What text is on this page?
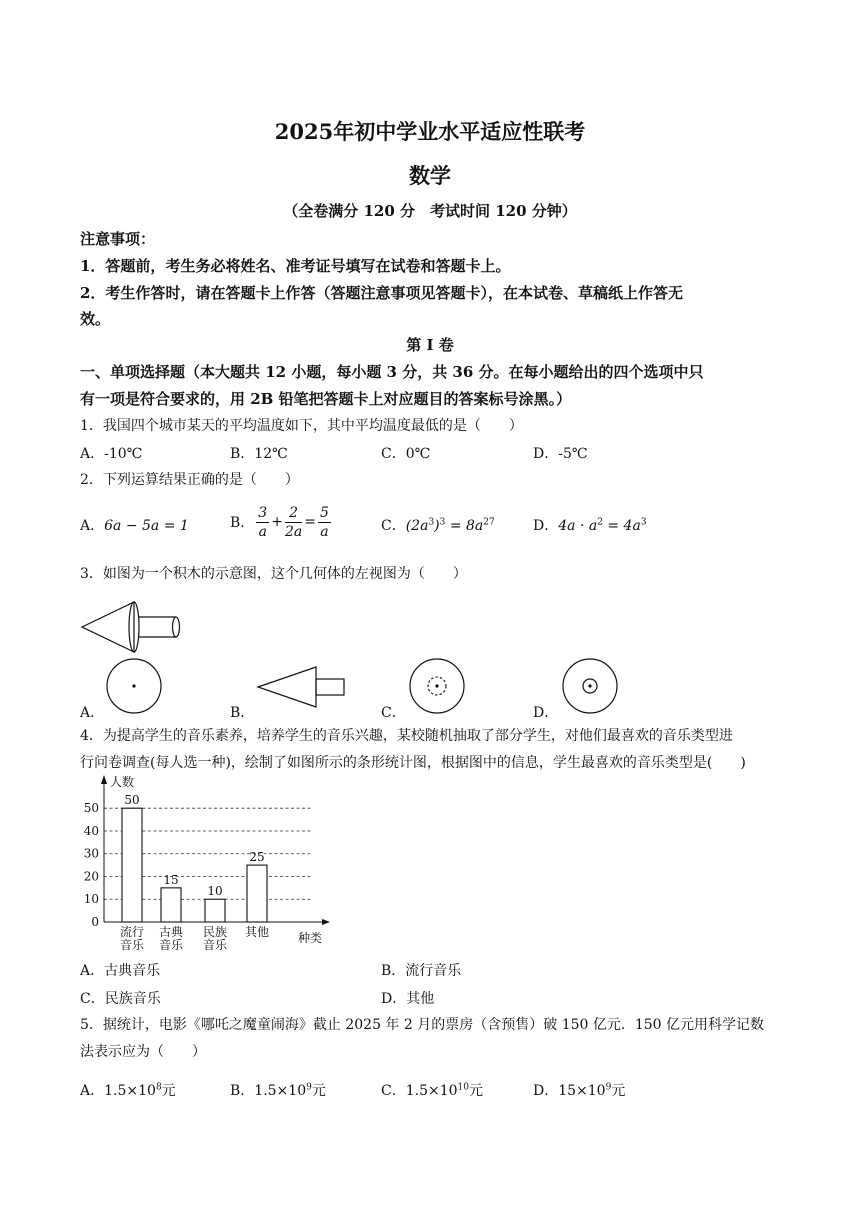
2025年初中学业水平适应性联考
数学
（全卷满分 120 分　考试时间 120 分钟）
注意事项：
1．答题前，考生务必将姓名、准考证号填写在试卷和答题卡上。
2．考生作答时，请在答题卡上作答（答题注意事项见答题卡），在本试卷、草稿纸上作答无
效。
第 I 卷
一、单项选择题（本大题共 12 小题，每小题 3 分，共 36 分。在每小题给出的四个选项中只
有一项是符合要求的，用 2B 铅笔把答题卡上对应题目的答案标号涂黑。）
1．我国四个城市某天的平均温度如下，其中平均温度最低的是（　　）
A．-10℃	B．12℃	C．0℃	D．-5℃
2．下列运算结果正确的是（　　）
A．6a − 5a = 1	B． $\frac{3}{a} + \frac{2}{2a} = \frac{5}{a}$	C．$(2a^3)^3 = 8a^{27}$	D．$4a \cdot a^2 = 4a^3$
3．如图为一个积木的示意图，这个几何体的左视图为（　　）
A．	B．	C．	D．
4．为提高学生的音乐素养，培养学生的音乐兴趣，某校随机抽取了部分学生，对他们最喜欢的音乐类型进
行问卷调查(每人选一种)，绘制了如图所示的条形统计图，根据图中的信息，学生最喜欢的音乐类型是(　　)
0
10
20
30
40
50
人数
种类
50
流行
音乐
15
古典
音乐
10
民族
音乐
25
其他
A．古典音乐	B．流行音乐
C．民族音乐	D．其他
5．据统计，电影《哪吒之魔童闹海》截止 2025 年 2 月的票房（含预售）破 150 亿元．150 亿元用科学记数
法表示应为（　　）
A．$1.5\times 10^8$元	B．$1.5\times 10^9$元	C．$1.5\times 10^{10}$元	D．$15\times 10^9$元
